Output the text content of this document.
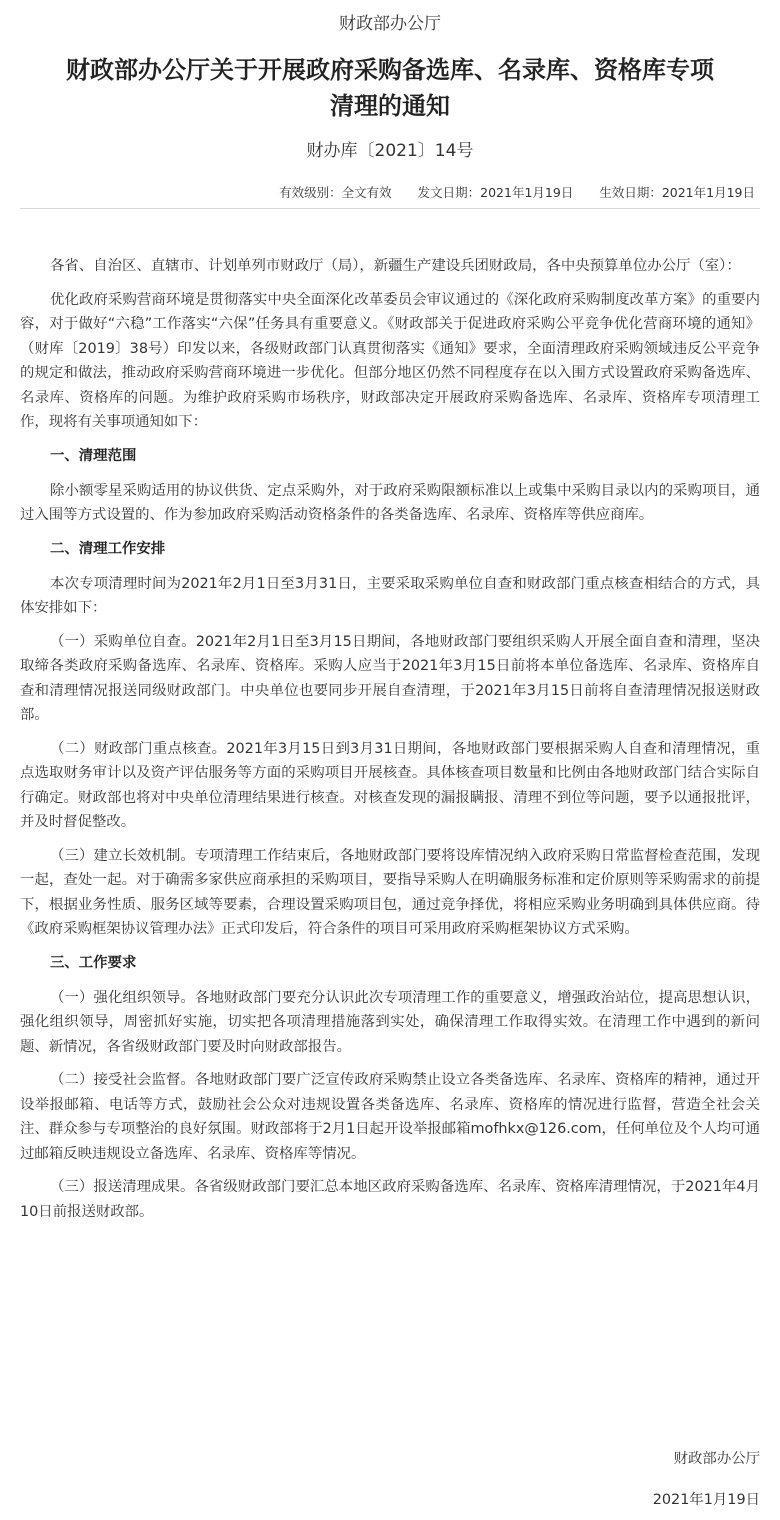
财政部办公厅
财政部办公厅关于开展政府采购备选库、名录库、资格库专项
清理的通知
财办库〔2021〕14号
有效级别：全文有效 发文日期：2021年1月19日 生效日期：2021年1月19日

各省、自治区、直辖市、计划单列市财政厅（局），新疆生产建设兵团财政局，各中央预算单位办公厅（室）：

优化政府采购营商环境是贯彻落实中央全面深化改革委员会审议通过的《深化政府采购制度改革方案》的重要内容，对于做好“六稳”工作落实“六保”任务具有重要意义。《财政部关于促进政府采购公平竞争优化营商环境的通知》（财库〔2019〕38号）印发以来，各级财政部门认真贯彻落实《通知》要求，全面清理政府采购领域违反公平竞争的规定和做法，推动政府采购营商环境进一步优化。但部分地区仍然不同程度存在以入围方式设置政府采购备选库、名录库、资格库的问题。为维护政府采购市场秩序，财政部决定开展政府采购备选库、名录库、资格库专项清理工作，现将有关事项通知如下：

一、清理范围

除小额零星采购适用的协议供货、定点采购外，对于政府采购限额标准以上或集中采购目录以内的采购项目，通过入围等方式设置的、作为参加政府采购活动资格条件的各类备选库、名录库、资格库等供应商库。

二、清理工作安排

本次专项清理时间为2021年2月1日至3月31日，主要采取采购单位自查和财政部门重点核查相结合的方式，具体安排如下：

（一）采购单位自查。2021年2月1日至3月15日期间，各地财政部门要组织采购人开展全面自查和清理，坚决取缔各类政府采购备选库、名录库、资格库。采购人应当于2021年3月15日前将本单位备选库、名录库、资格库自查和清理情况报送同级财政部门。中央单位也要同步开展自查清理，于2021年3月15日前将自查清理情况报送财政部。

（二）财政部门重点核查。2021年3月15日到3月31日期间，各地财政部门要根据采购人自查和清理情况，重点选取财务审计以及资产评估服务等方面的采购项目开展核查。具体核查项目数量和比例由各地财政部门结合实际自行确定。财政部也将对中央单位清理结果进行核查。对核查发现的漏报瞒报、清理不到位等问题，要予以通报批评，并及时督促整改。

（三）建立长效机制。专项清理工作结束后，各地财政部门要将设库情况纳入政府采购日常监督检查范围，发现一起，查处一起。对于确需多家供应商承担的采购项目，要指导采购人在明确服务标准和定价原则等采购需求的前提下，根据业务性质、服务区域等要素，合理设置采购项目包，通过竞争择优，将相应采购业务明确到具体供应商。待《政府采购框架协议管理办法》正式印发后，符合条件的项目可采用政府采购框架协议方式采购。

三、工作要求

（一）强化组织领导。各地财政部门要充分认识此次专项清理工作的重要意义，增强政治站位，提高思想认识，强化组织领导，周密抓好实施，切实把各项清理措施落到实处，确保清理工作取得实效。在清理工作中遇到的新问题、新情况，各省级财政部门要及时向财政部报告。

（二）接受社会监督。各地财政部门要广泛宣传政府采购禁止设立各类备选库、名录库、资格库的精神，通过开设举报邮箱、电话等方式，鼓励社会公众对违规设置各类备选库、名录库、资格库的情况进行监督，营造全社会关注、群众参与专项整治的良好氛围。财政部将于2月1日起开设举报邮箱mofhkx@126.com，任何单位及个人均可通过邮箱反映违规设立备选库、名录库、资格库等情况。

（三）报送清理成果。各省级财政部门要汇总本地区政府采购备选库、名录库、资格库清理情况，于2021年4月10日前报送财政部。

财政部办公厅
2021年1月19日
